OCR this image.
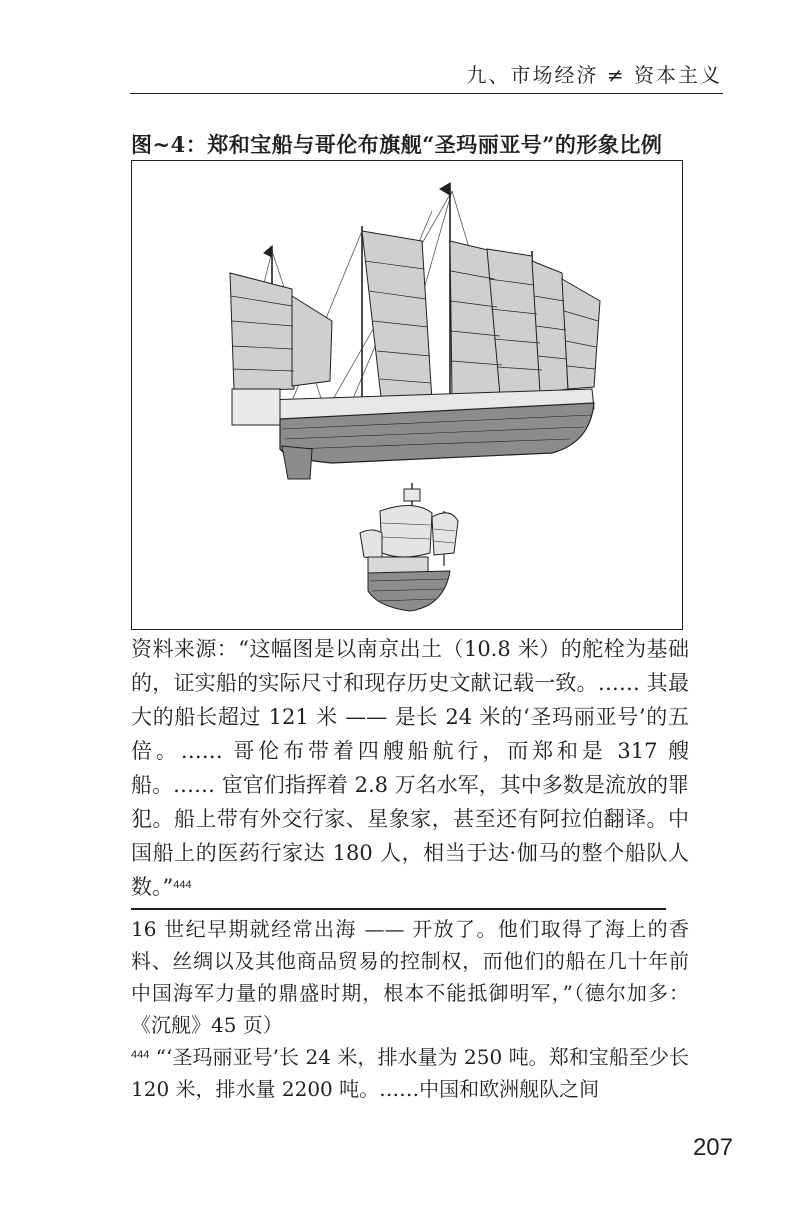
九、市场经济 ≠ 资本主义
图~4：郑和宝船与哥伦布旗舰“圣玛丽亚号”的形象比例

资料来源：“这幅图是以南京出土（10.8 米）的舵栓为基础的，证实船的实际尺寸和现存历史文献记载一致。…… 其最大的船长超过 121 米 —— 是长 24 米的‘圣玛丽亚号’的五倍。…… 哥伦布带着四艘船航行，而郑和是 317 艘船。…… 宦官们指挥着 2.8 万名水军，其中多数是流放的罪犯。船上带有外交行家、星象家，甚至还有阿拉伯翻译。中国船上的医药行家达 180 人，相当于达·伽马的整个船队人数。”$^{444}$

16 世纪早期就经常出海 —— 开放了。他们取得了海上的香料、丝绸以及其他商品贸易的控制权，而他们的船在几十年前中国海军力量的鼎盛时期，根本不能抵御明军，”（德尔加多：《沉舰》45 页）

$^{444}$ “‘圣玛丽亚号’长 24 米，排水量为 250 吨。郑和宝船至少长 120 米，排水量 2200 吨。……中国和欧洲舰队之间

207
